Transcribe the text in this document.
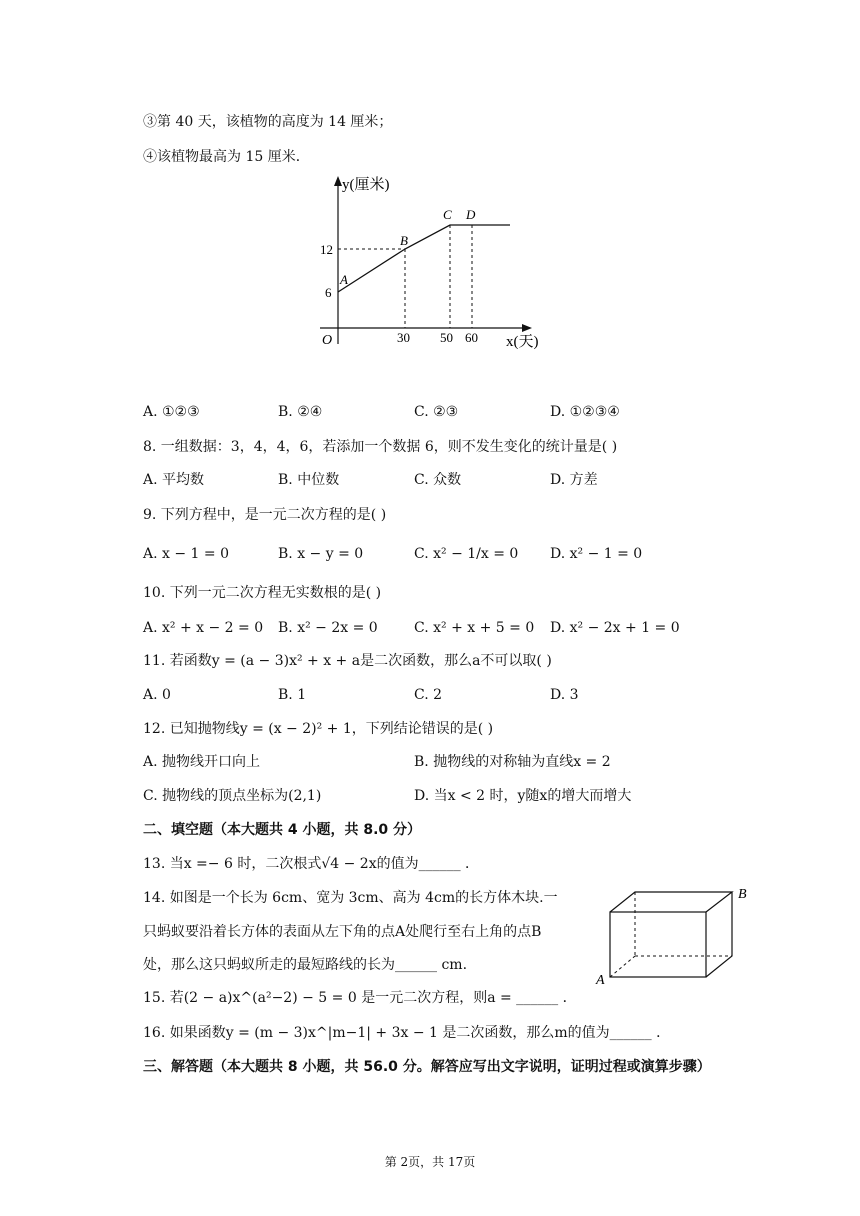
③第 40 天，该植物的高度为 14 厘米；
④该植物最高为 15 厘米．
y(厘米)
x(天)
O
12
6
30 50 60
A
B
C D
A. ①②③	B. ②④	C. ②③	D. ①②③④
8. 一组数据：3，4，4，6，若添加一个数据 6，则不发生变化的统计量是( )
A. 平均数	B. 中位数	C. 众数	D. 方差
9. 下列方程中，是一元二次方程的是( )
A. x − 1 = 0	B. x − y = 0	C. x² − 1/x = 0 D. x² − 1 = 0
10. 下列一元二次方程无实数根的是( )
A. x² + x − 2 = 0 B. x² − 2x = 0	C. x² + x + 5 = 0 D. x² − 2x + 1 = 0
11. 若函数y = (a − 3)x² + x + a是二次函数，那么a不可以取( )
A. 0	B. 1	C. 2	D. 3
12. 已知抛物线y = (x − 2)² + 1，下列结论错误的是( )
A. 抛物线开口向上	B. 抛物线的对称轴为直线x = 2
C. 抛物线的顶点坐标为(2,1)	D. 当x < 2 时，y随x的增大而增大
二、填空题（本大题共 4 小题，共 8.0 分）
13. 当x =− 6 时，二次根式√4 − 2x的值为______ ．
14. 如图是一个长为 6cm、宽为 3cm、高为 4cm的长方体木块.一
只蚂蚁要沿着长方体的表面从左下角的点A处爬行至右上角的点B
处，那么这只蚂蚁所走的最短路线的长为______ cm.
A
B
15. 若(2 − a)x^(a²−2) − 5 = 0 是一元二次方程，则a = ______ ．
16. 如果函数y = (m − 3)x^|m−1| + 3x − 1 是二次函数，那么m的值为______ ．
三、解答题（本大题共 8 小题，共 56.0 分。解答应写出文字说明，证明过程或演算步骤）
第 2页，共 17页
